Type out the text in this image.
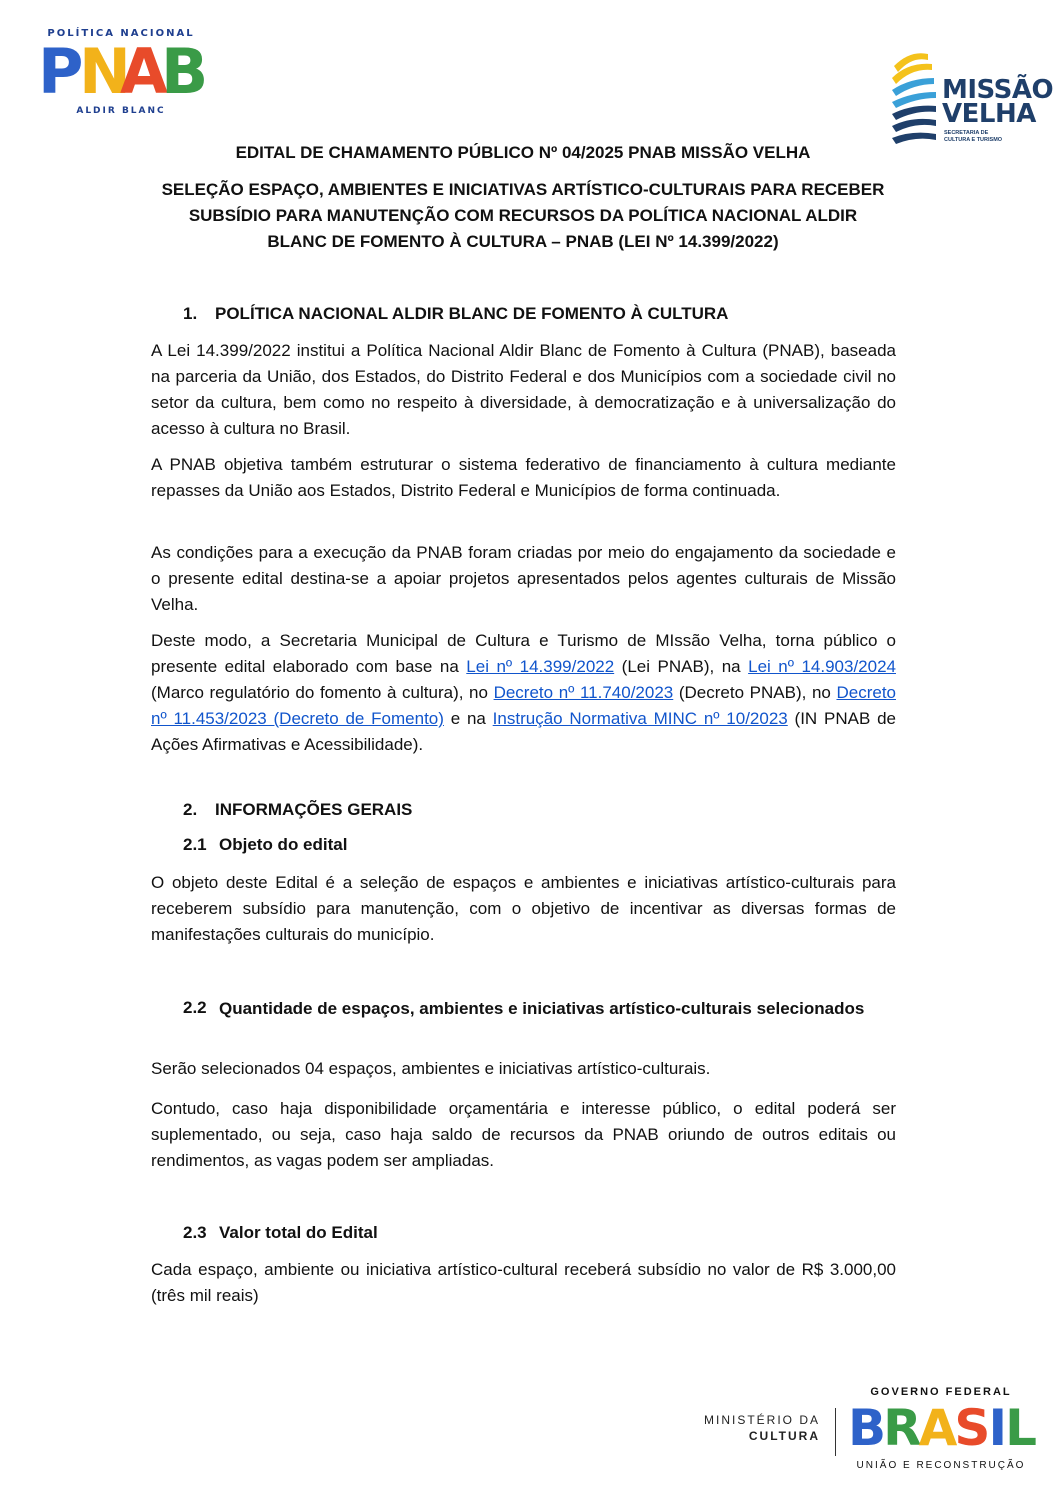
POLÍTICA NACIONAL
P
N
A
B
ALDIR BLANC
MISSÃO
VELHA
SECRETARIA DE
CULTURA E TURISMO
EDITAL DE CHAMAMENTO PÚBLICO Nº 04/2025 PNAB MISSÃO VELHA
SELEÇÃO ESPAÇO, AMBIENTES E INICIATIVAS ARTÍSTICO-CULTURAIS PARA RECEBER
SUBSÍDIO PARA MANUTENÇÃO COM RECURSOS DA POLÍTICA NACIONAL ALDIR
BLANC DE FOMENTO À CULTURA – PNAB (LEI Nº 14.399/2022)
1. POLÍTICA NACIONAL ALDIR BLANC DE FOMENTO À CULTURA

A Lei 14.399/2022 institui a Política Nacional Aldir Blanc de Fomento à Cultura (PNAB), baseada na parceria da União, dos Estados, do Distrito Federal e dos Municípios com a sociedade civil no setor da cultura, bem como no respeito à diversidade, à democratização e à universalização do acesso à cultura no Brasil.

A PNAB objetiva também estruturar o sistema federativo de financiamento à cultura mediante repasses da União aos Estados, Distrito Federal e Municípios de forma continuada.

As condições para a execução da PNAB foram criadas por meio do engajamento da sociedade e o presente edital destina-se a apoiar projetos apresentados pelos agentes culturais de Missão Velha.

Deste modo, a Secretaria Municipal de Cultura e Turismo de MIssão Velha, torna público o presente edital elaborado com base na Lei nº 14.399/2022 (Lei PNAB), na Lei nº 14.903/2024 (Marco regulatório do fomento à cultura), no Decreto nº 11.740/2023 (Decreto PNAB), no Decreto nº 11.453/2023 (Decreto de Fomento) e na Instrução Normativa MINC nº 10/2023 (IN PNAB de Ações Afirmativas e Acessibilidade).

2. INFORMAÇÕES GERAIS
2.1 Objeto do edital

O objeto deste Edital é a seleção de espaços e ambientes e iniciativas artístico-culturais para receberem subsídio para manutenção, com o objetivo de incentivar as diversas formas de manifestações culturais do município.

2.2 Quantidade de espaços, ambientes e iniciativas artístico-culturais selecionados

Serão selecionados 04 espaços, ambientes e iniciativas artístico-culturais.

Contudo, caso haja disponibilidade orçamentária e interesse público, o edital poderá ser suplementado, ou seja, caso haja saldo de recursos da PNAB oriundo de outros editais ou rendimentos, as vagas podem ser ampliadas.

2.3 Valor total do Edital

Cada espaço, ambiente ou iniciativa artístico-cultural receberá subsídio no valor de R$ 3.000,00 (três mil reais)

MINISTÉRIO DA
CULTURA
GOVERNO FEDERAL
B R A S I L
UNIÃO E RECONSTRUÇÃO
